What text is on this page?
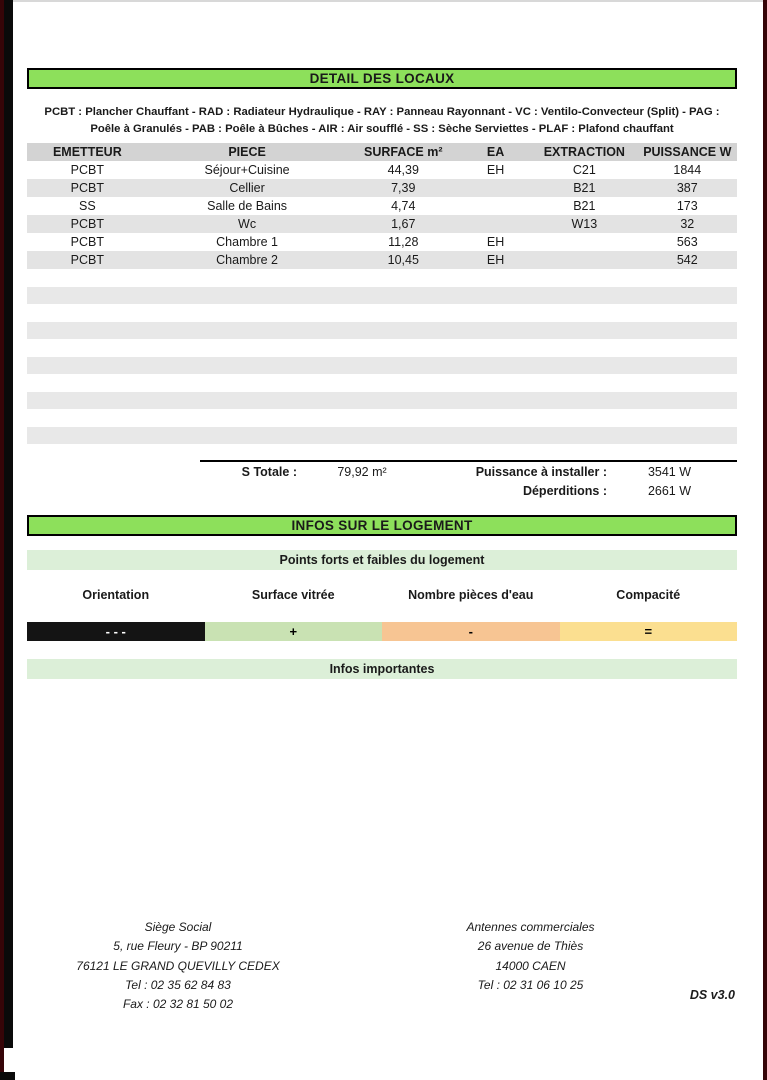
DETAIL DES LOCAUX
PCBT : Plancher Chauffant - RAD : Radiateur Hydraulique - RAY : Panneau Rayonnant - VC : Ventilo-Convecteur (Split) - PAG : Poêle à Granulés - PAB : Poêle à Bûches - AIR : Air soufflé - SS : Sèche Serviettes - PLAF : Plafond chauffant
EMETTEUR	PIECE	SURFACE m²	EA	EXTRACTION	PUISSANCE W
PCBT	Séjour+Cuisine	44,39	EH	C21	1844
PCBT	Cellier	7,39		B21	387
SS	Salle de Bains	4,74		B21	173
PCBT	Wc	1,67		W13	32
PCBT	Chambre 1	11,28	EH		563
PCBT	Chambre 2	10,45	EH		542
S Totale :	79,92 m²	Puissance à installer :	3541 W
Déperditions :	2661 W
INFOS SUR LE LOGEMENT
Points forts et faibles du logement
Orientation	Surface vitrée	Nombre pièces d'eau	Compacité
- - -	+	-	=
Infos importantes
Siège Social
5, rue Fleury - BP 90211
76121 LE GRAND QUEVILLY CEDEX
Tel : 02 35 62 84 83
Fax : 02 32 81 50 02
Antennes commerciales
26 avenue de Thiès
14000 CAEN
Tel : 02 31 06 10 25
DS v3.0
